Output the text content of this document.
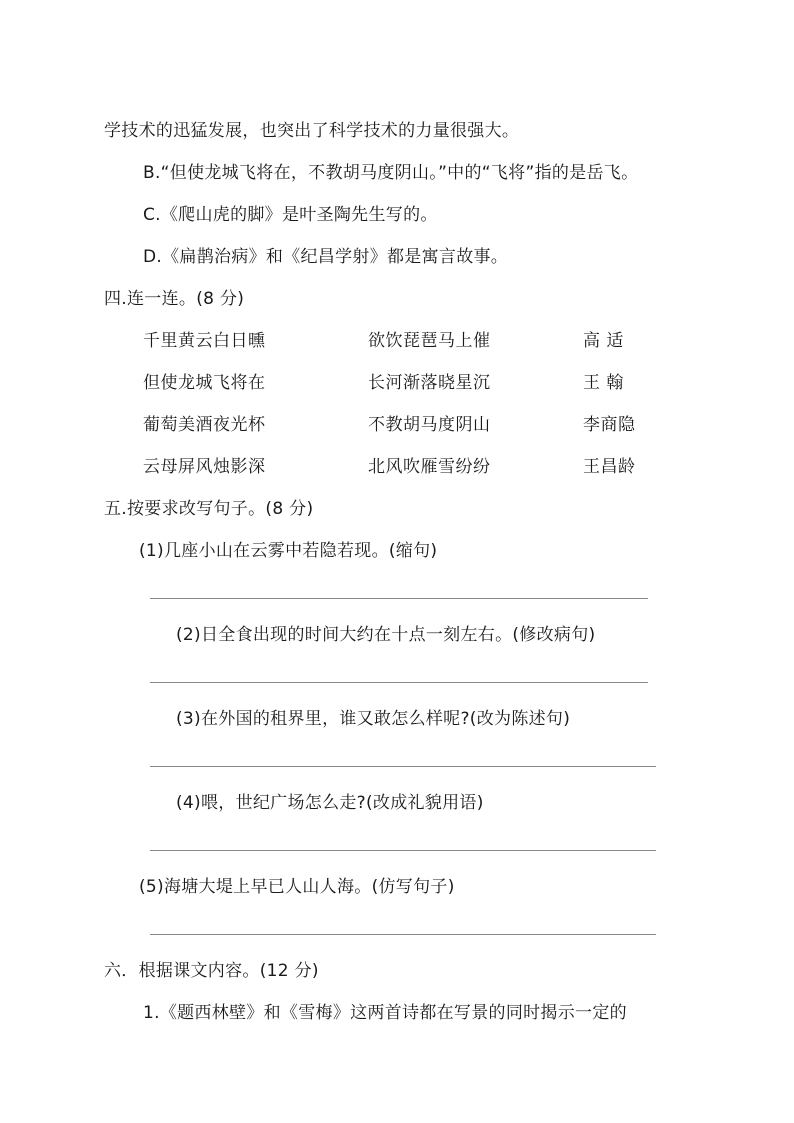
学技术的迅猛发展，也突出了科学技术的力量很强大。
B.“但使龙城飞将在，不教胡马度阴山。”中的“飞将”指的是岳飞。
C.《爬山虎的脚》是叶圣陶先生写的。
D.《扁鹊治病》和《纪昌学射》都是寓言故事。
四.连一连。(8 分)
千里黄云白日曛	欲饮琵琶马上催	高 适
但使龙城飞将在	长河渐落晓星沉	王 翰
葡萄美酒夜光杯	不教胡马度阴山	李商隐
云母屏风烛影深	北风吹雁雪纷纷	王昌龄
五.按要求改写句子。(8 分)
(1)几座小山在云雾中若隐若现。(缩句)
(2)日全食出现的时间大约在十点一刻左右。(修改病句)
(3)在外国的租界里，谁又敢怎么样呢?(改为陈述句)
(4)喂，世纪广场怎么走?(改成礼貌用语)
(5)海塘大堤上早已人山人海。(仿写句子)
六．根据课文内容。(12 分)
1.《题西林壁》和《雪梅》这两首诗都在写景的同时揭示一定的
